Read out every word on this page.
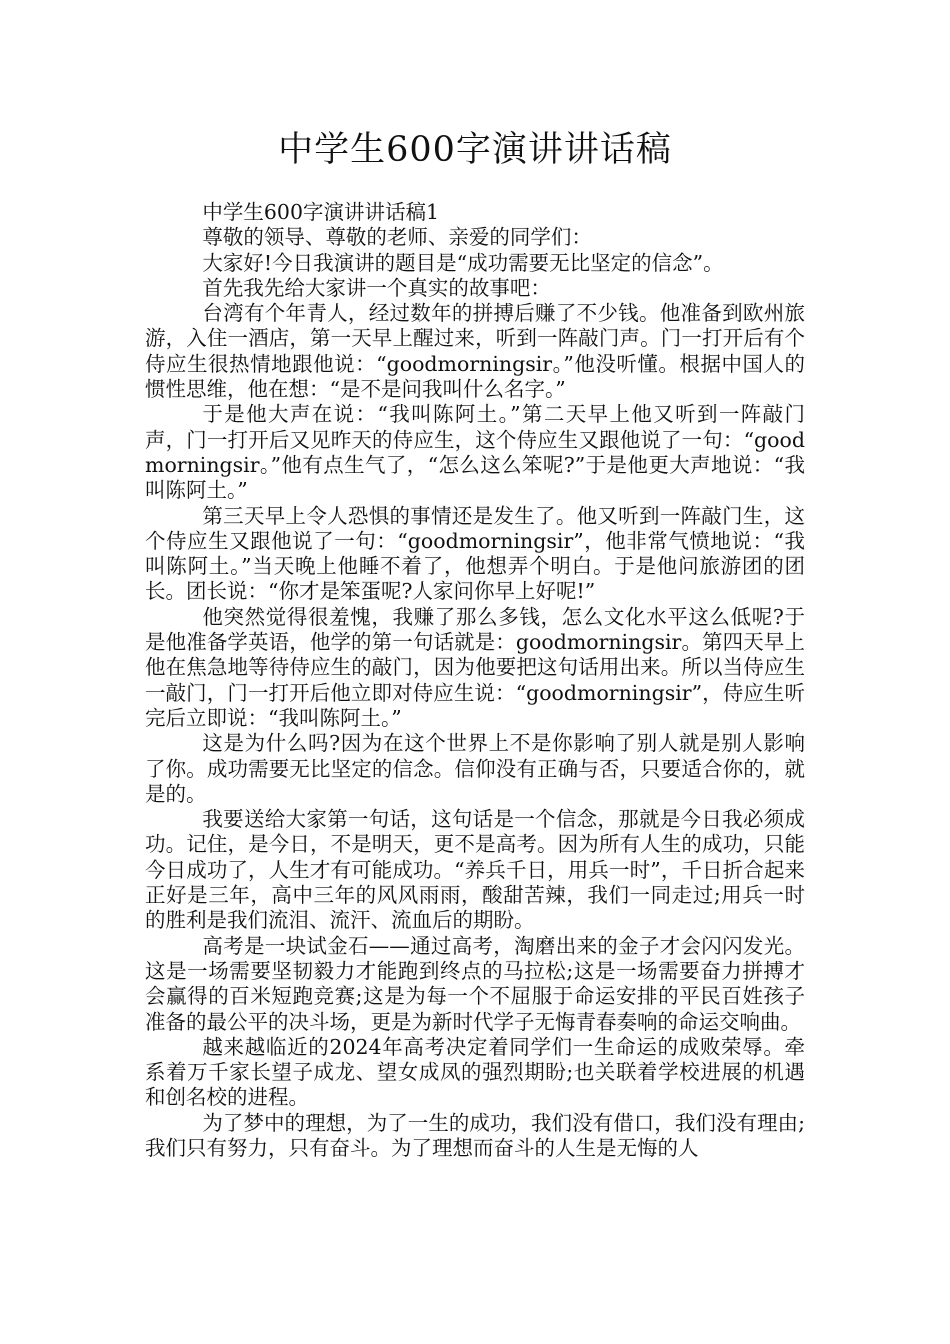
中学生600字演讲讲话稿

中学生600字演讲讲话稿1

尊敬的领导、尊敬的老师、亲爱的同学们：

大家好!今日我演讲的题目是“成功需要无比坚定的信念”。

首先我先给大家讲一个真实的故事吧：

台湾有个年青人，经过数年的拼搏后赚了不少钱。他准备到欧州旅游，入住一酒店，第一天早上醒过来，听到一阵敲门声。门一打开后有个侍应生很热情地跟他说：“goodmorningsir。”他没听懂。根据中国人的惯性思维，他在想：“是不是问我叫什么名字。”

于是他大声在说：“我叫陈阿土。”第二天早上他又听到一阵敲门声，门一打开后又见昨天的侍应生，这个侍应生又跟他说了一句：“goodmorningsir。”他有点生气了，“怎么这么笨呢?”于是他更大声地说：“我叫陈阿土。”

第三天早上令人恐惧的事情还是发生了。他又听到一阵敲门生，这个侍应生又跟他说了一句：“goodmorningsir”，他非常气愤地说：“我叫陈阿土。”当天晚上他睡不着了，他想弄个明白。于是他问旅游团的团长。团长说：“你才是笨蛋呢?人家问你早上好呢!”

他突然觉得很羞愧，我赚了那么多钱，怎么文化水平这么低呢?于是他准备学英语，他学的第一句话就是：goodmorningsir。第四天早上他在焦急地等待侍应生的敲门，因为他要把这句话用出来。所以当侍应生一敲门，门一打开后他立即对侍应生说：“goodmorningsir”，侍应生听完后立即说：“我叫陈阿土。”

这是为什么吗?因为在这个世界上不是你影响了别人就是别人影响了你。成功需要无比坚定的信念。信仰没有正确与否，只要适合你的，就是的。

我要送给大家第一句话，这句话是一个信念，那就是今日我必须成功。记住，是今日，不是明天，更不是高考。因为所有人生的成功，只能今日成功了，人生才有可能成功。“养兵千日，用兵一时”，千日折合起来正好是三年，高中三年的风风雨雨，酸甜苦辣，我们一同走过;用兵一时的胜利是我们流泪、流汗、流血后的期盼。

高考是一块试金石——通过高考，淘磨出来的金子才会闪闪发光。这是一场需要坚韧毅力才能跑到终点的马拉松;这是一场需要奋力拼搏才会赢得的百米短跑竞赛;这是为每一个不屈服于命运安排的平民百姓孩子准备的最公平的决斗场，更是为新时代学子无悔青春奏响的命运交响曲。

越来越临近的2024年高考决定着同学们一生命运的成败荣辱。牵系着万千家长望子成龙、望女成凤的强烈期盼;也关联着学校进展的机遇和创名校的进程。

为了梦中的理想，为了一生的成功，我们没有借口，我们没有理由;我们只有努力，只有奋斗。为了理想而奋斗的人生是无悔的人
